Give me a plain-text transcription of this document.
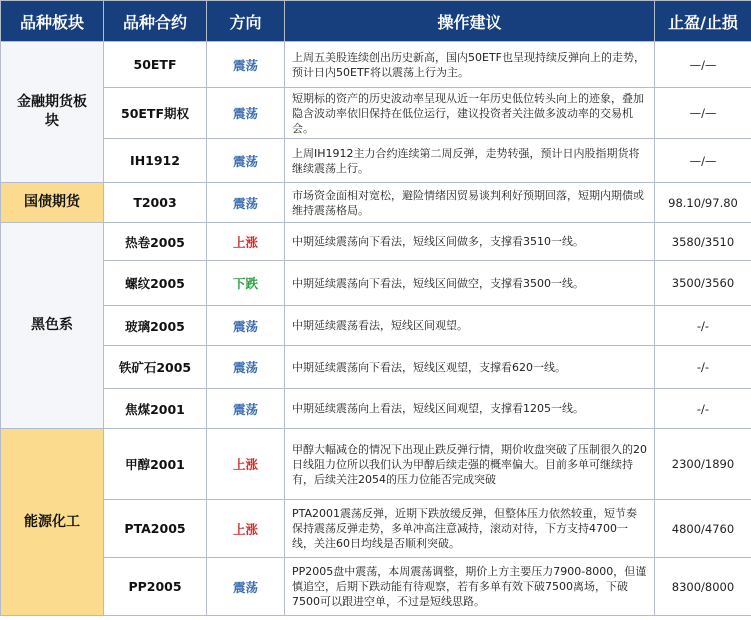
品种板块	品种合约	方向	操作建议	止盈/止损

金融期货板块	50ETF	震荡	上周五美股连续创出历史新高，国内50ETF也呈现持续反弹向上的走势，预计日内50ETF将以震荡上行为主。	—/—
	50ETF期权	震荡	短期标的资产的历史波动率呈现从近一年历史低位转头向上的迹象，叠加隐含波动率依旧保持在低位运行，建议投资者关注做多波动率的交易机会。	—/—
	IH1912	震荡	上周IH1912主力合约连续第二周反弹，走势转强，预计日内股指期货将继续震荡上行。	—/—
国债期货	T2003	震荡	市场资金面相对宽松，避险情绪因贸易谈判利好预期回落，短期内期债或维持震荡格局。	98.10/97.80
黑色系	热卷2005	上涨	中期延续震荡向下看法，短线区间做多，支撑看3510一线。	3580/3510
	螺纹2005	下跌	中期延续震荡向下看法，短线区间做空，支撑看3500一线。	3500/3560
	玻璃2005	震荡	中期延续震荡看法，短线区间观望。	-/-
	铁矿石2005	震荡	中期延续震荡向下看法，短线区观望，支撑看620一线。	-/-
	焦煤2001	震荡	中期延续震荡向上看法，短线区间观望，支撑看1205一线。	-/-
能源化工	甲醇2001	上涨	甲醇大幅减仓的情况下出现止跌反弹行情，期价收盘突破了压制很久的20日线阻力位所以我们认为甲醇后续走强的概率偏大。目前多单可继续持有，后续关注2054的压力位能否完成突破	2300/1890
	PTA2005	上涨	PTA2001震荡反弹，近期下跌放缓反弹，但整体压力依然较重，短节奏保持震荡反弹走势，多单冲高注意减持，滚动对待，下方支持4700一线，关注60日均线是否顺利突破。	4800/4760
	PP2005	震荡	PP2005盘中震荡，本周震荡调整，期价上方主要压力7900-8000，但谨慎追空，后期下跌动能有待观察，若有多单有效下破7500离场，下破7500可以跟进空单，不过是短线思路。	8300/8000
